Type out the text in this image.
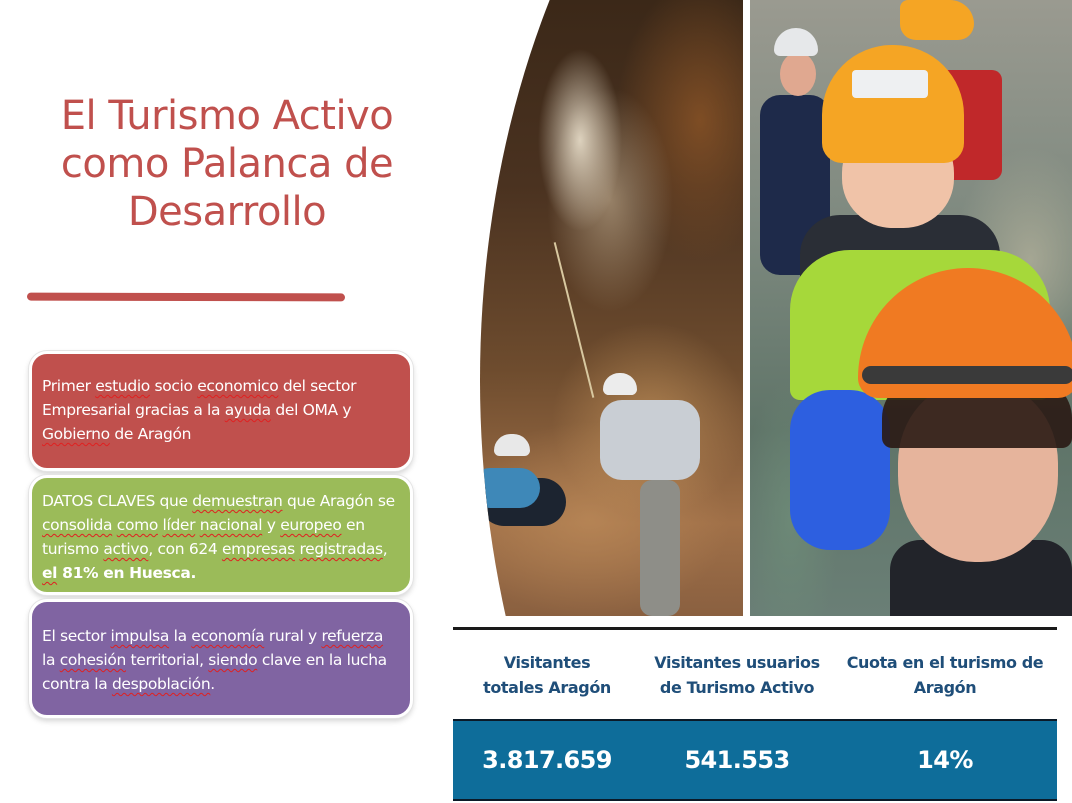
El Turismo Activo
como Palanca de
Desarrollo
Primer estudio socio economico del sector Empresarial gracias a la ayuda del OMA y Gobierno de Aragón
DATOS CLAVES que demuestran que Aragón se consolida como líder nacional y europeo en turismo activo, con 624 empresas registradas, el 81% en Huesca.
El sector impulsa la economía rural y refuerza la cohesión territorial, siendo clave en la lucha contra la despoblación.
Visitantes totales Aragón
Visitantes usuarios de Turismo Activo
Cuota en el turismo de Aragón
3.817.659	541.553	14%
